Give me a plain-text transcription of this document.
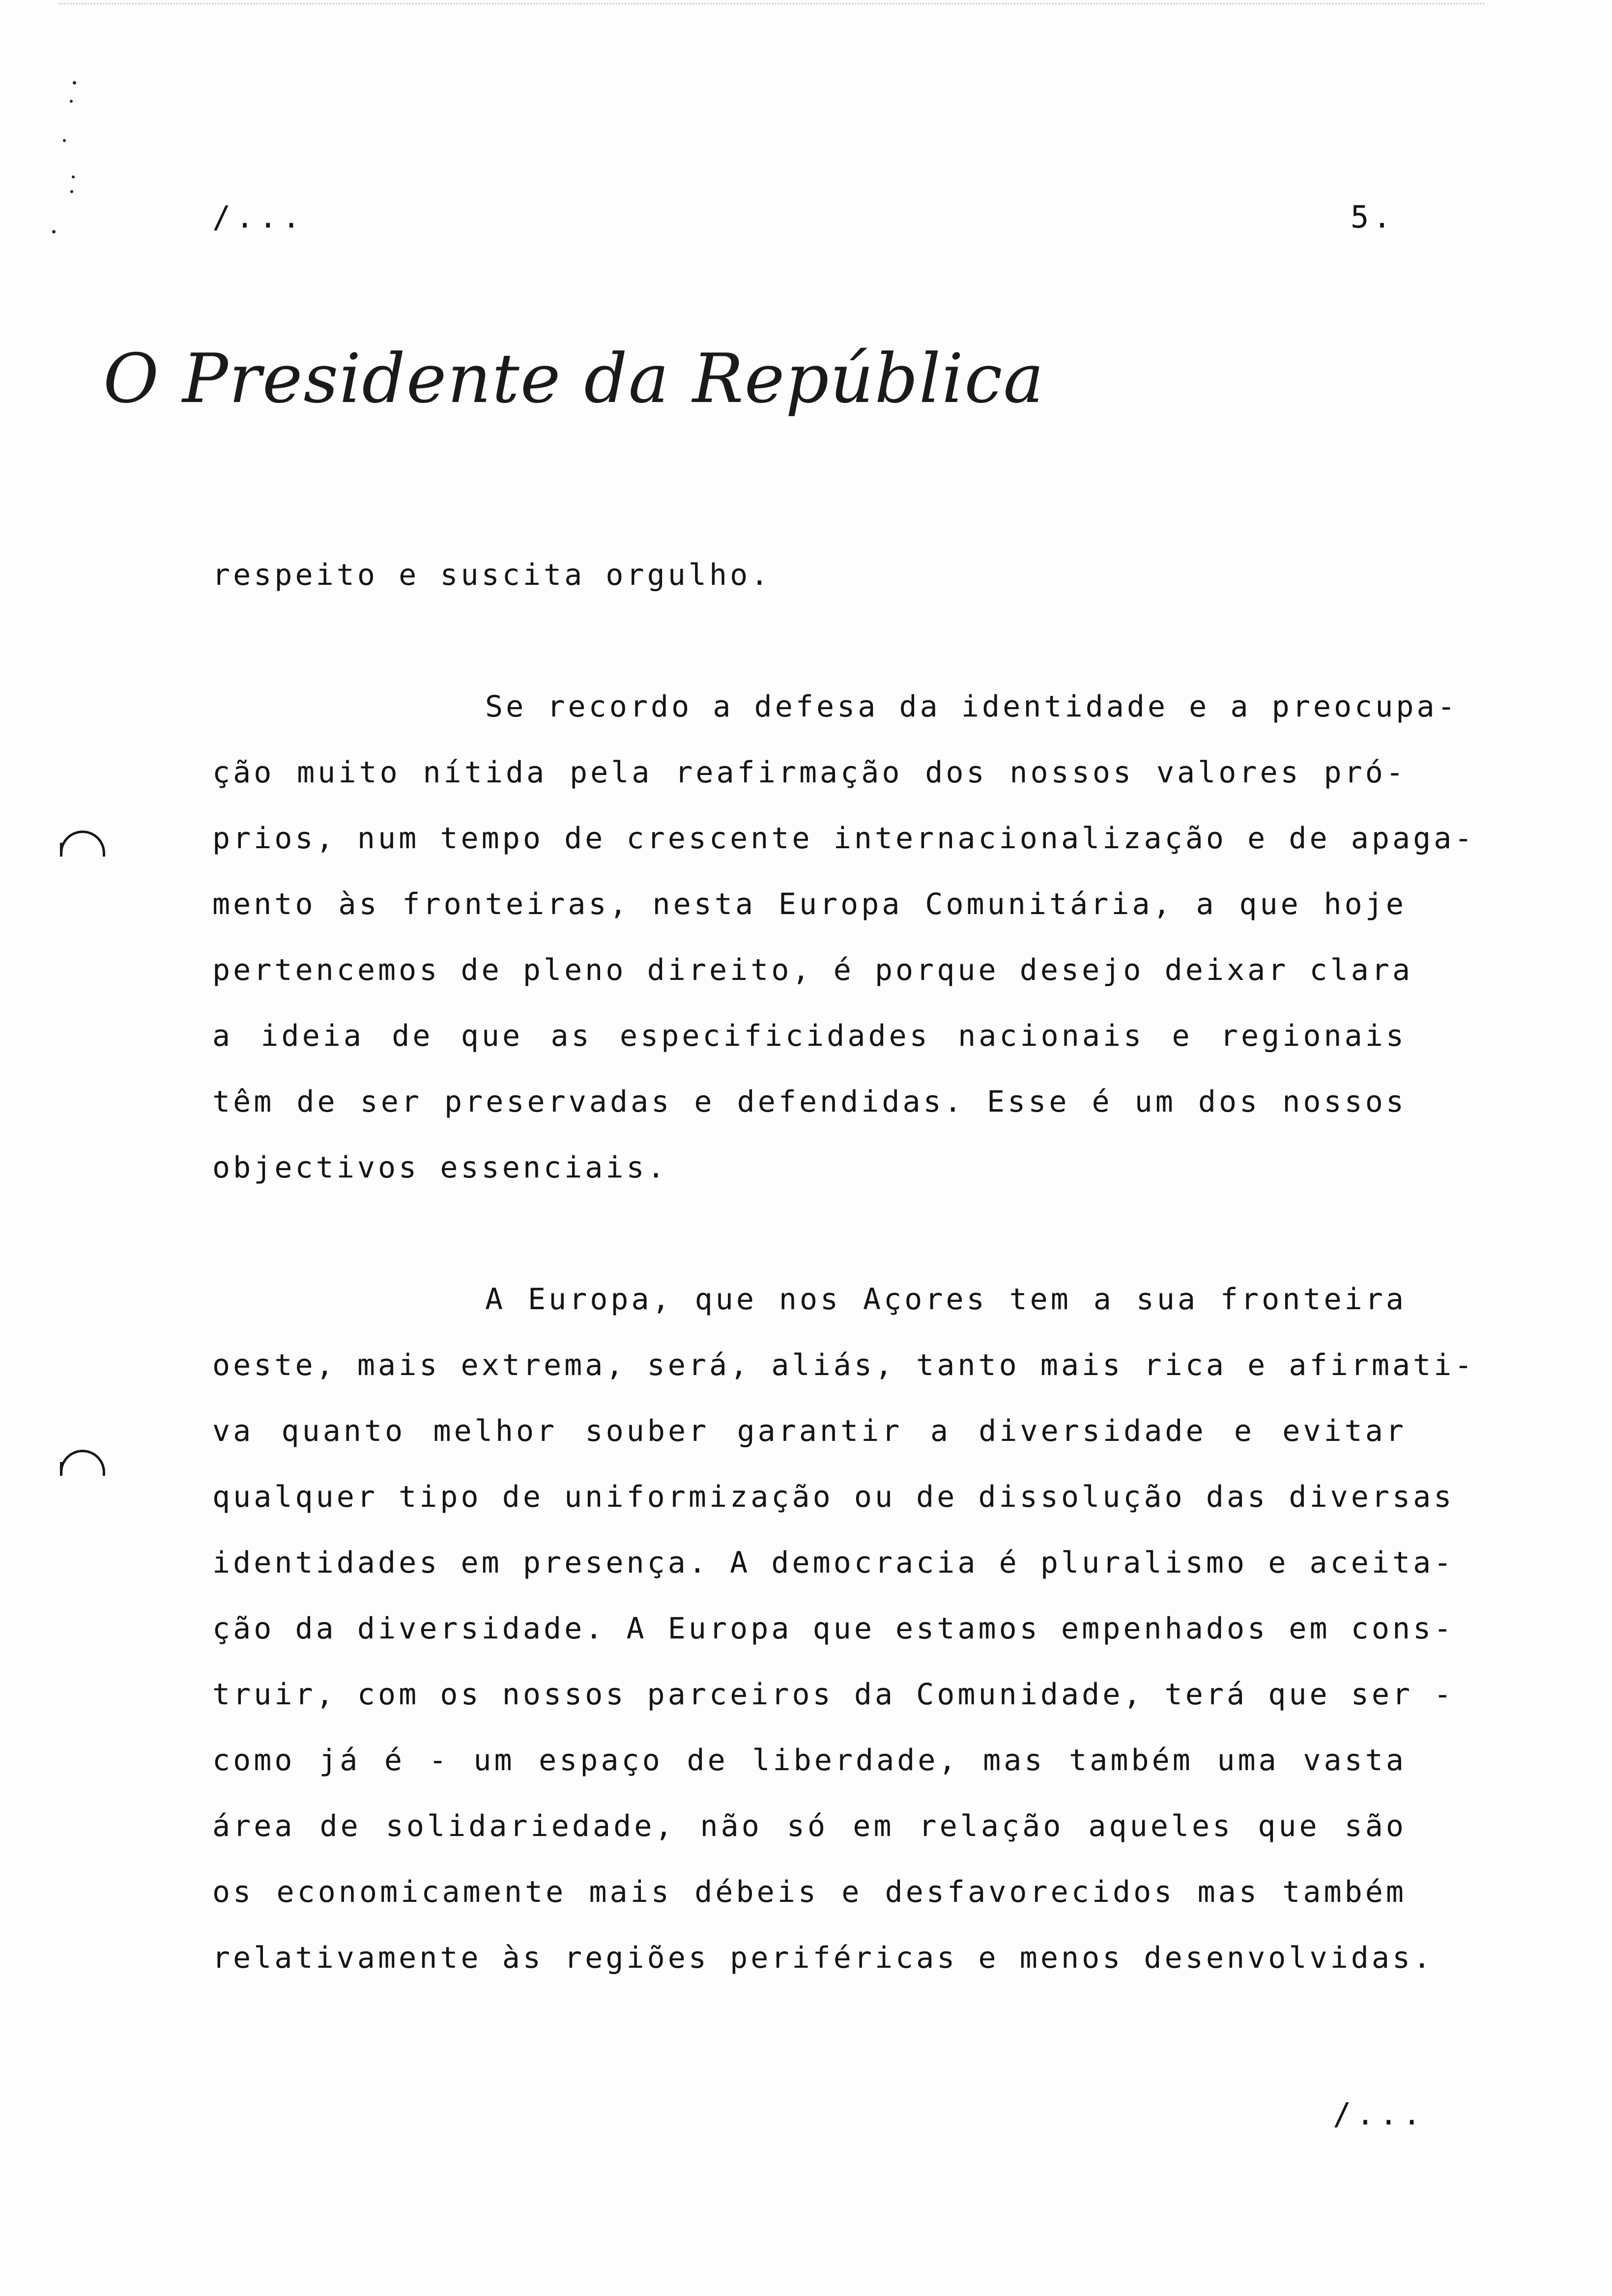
/...	5.
O Presidente da República
respeito e suscita orgulho.
Se recordo a defesa da identidade e a preocupa-
ção muito nítida pela reafirmação dos nossos valores pró-
prios, num tempo de crescente internacionalização e de apaga-
mento às fronteiras, nesta Europa Comunitária, a que hoje
pertencemos de pleno direito, é porque desejo deixar clara
a ideia de que as especificidades nacionais e regionais
têm de ser preservadas e defendidas. Esse é um dos nossos
objectivos essenciais.
A Europa, que nos Açores tem a sua fronteira
oeste, mais extrema, será, aliás, tanto mais rica e afirmati-
va quanto melhor souber garantir a diversidade e evitar
qualquer tipo de uniformização ou de dissolução das diversas
identidades em presença. A democracia é pluralismo e aceita-
ção da diversidade. A Europa que estamos empenhados em cons-
truir, com os nossos parceiros da Comunidade, terá que ser -
como já é - um espaço de liberdade, mas também uma vasta
área de solidariedade, não só em relação aqueles que são
os economicamente mais débeis e desfavorecidos mas também
relativamente às regiões periféricas e menos desenvolvidas.
/...
